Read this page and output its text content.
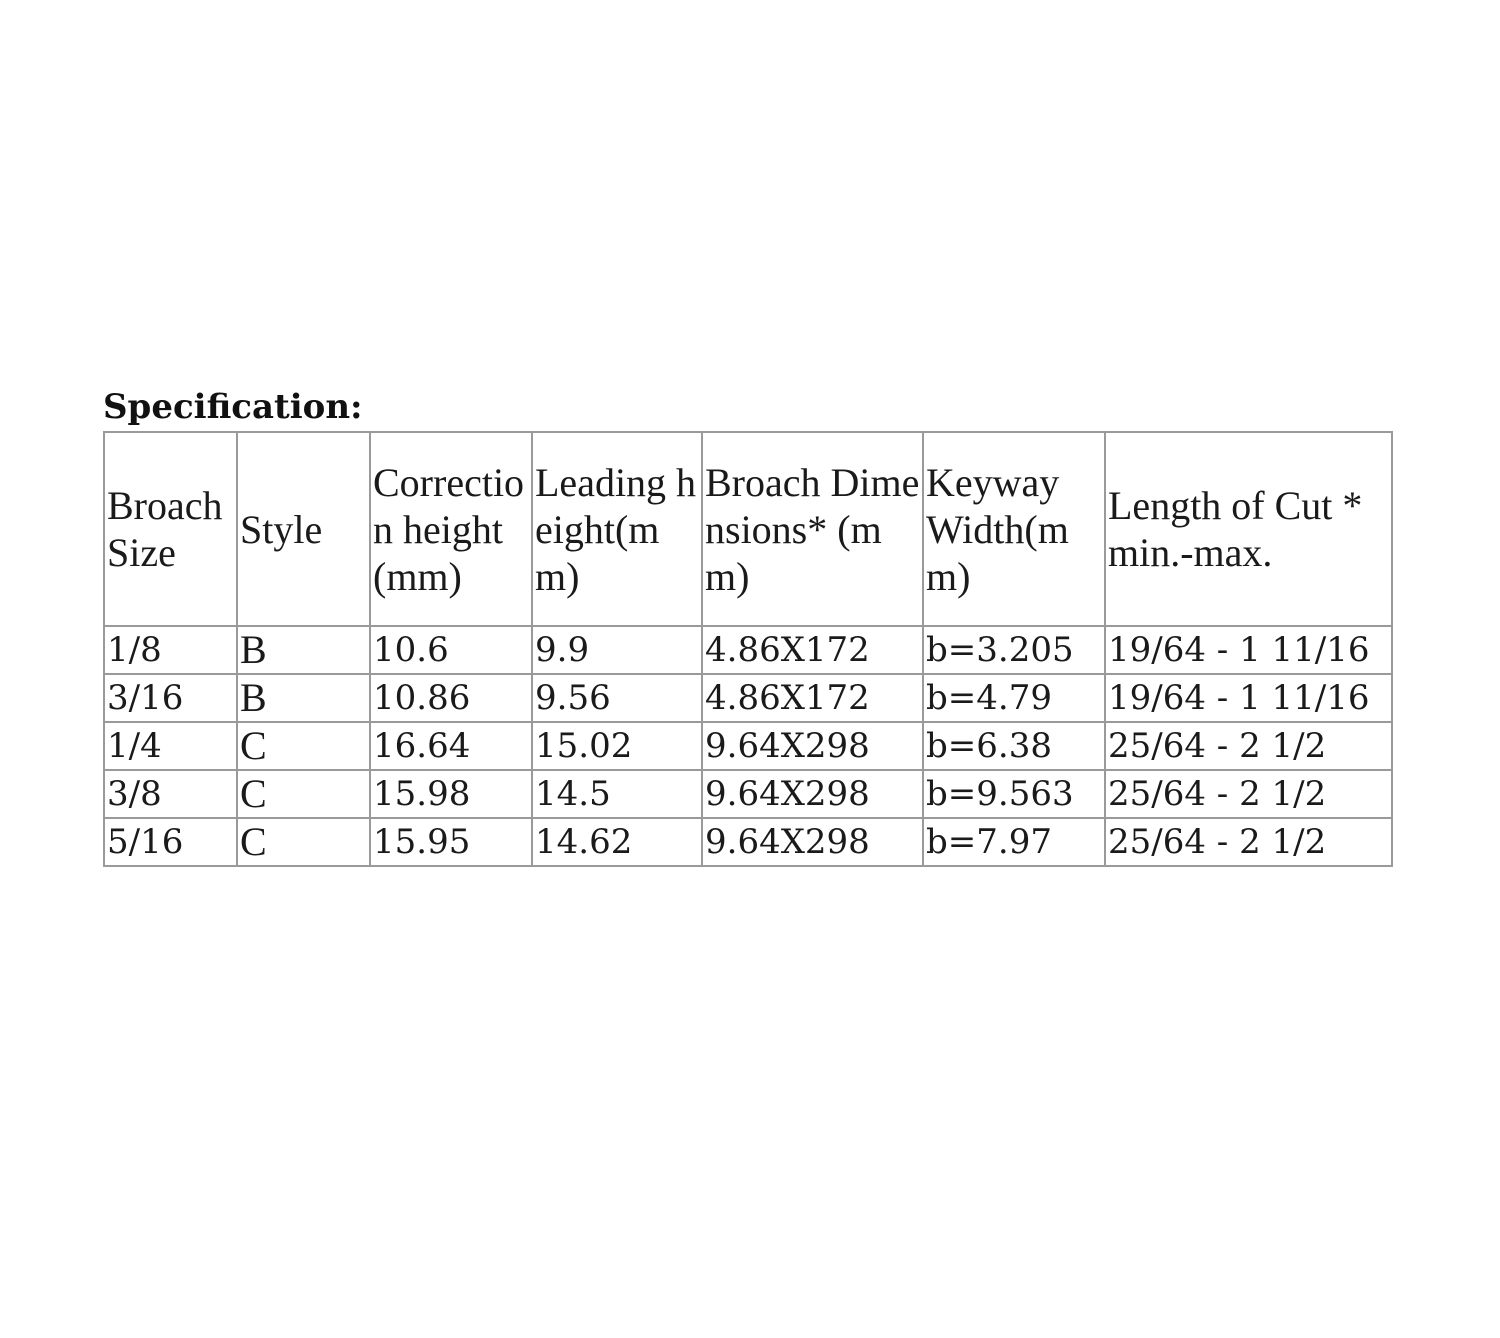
Specification:
Broach Size	Style	Correction height(mm)	Leading height(mm)	Broach Dimensions* (mm)	Keyway Width(mm)	Length of Cut * min.-max.
1/8	B	10.6	9.9	4.86X172	b=3.205	19/64 - 1 11/16
3/16	B	10.86	9.56	4.86X172	b=4.79	19/64 - 1 11/16
1/4	C	16.64	15.02	9.64X298	b=6.38	25/64 - 2 1/2
3/8	C	15.98	14.5	9.64X298	b=9.563	25/64 - 2 1/2
5/16	C	15.95	14.62	9.64X298	b=7.97	25/64 - 2 1/2
